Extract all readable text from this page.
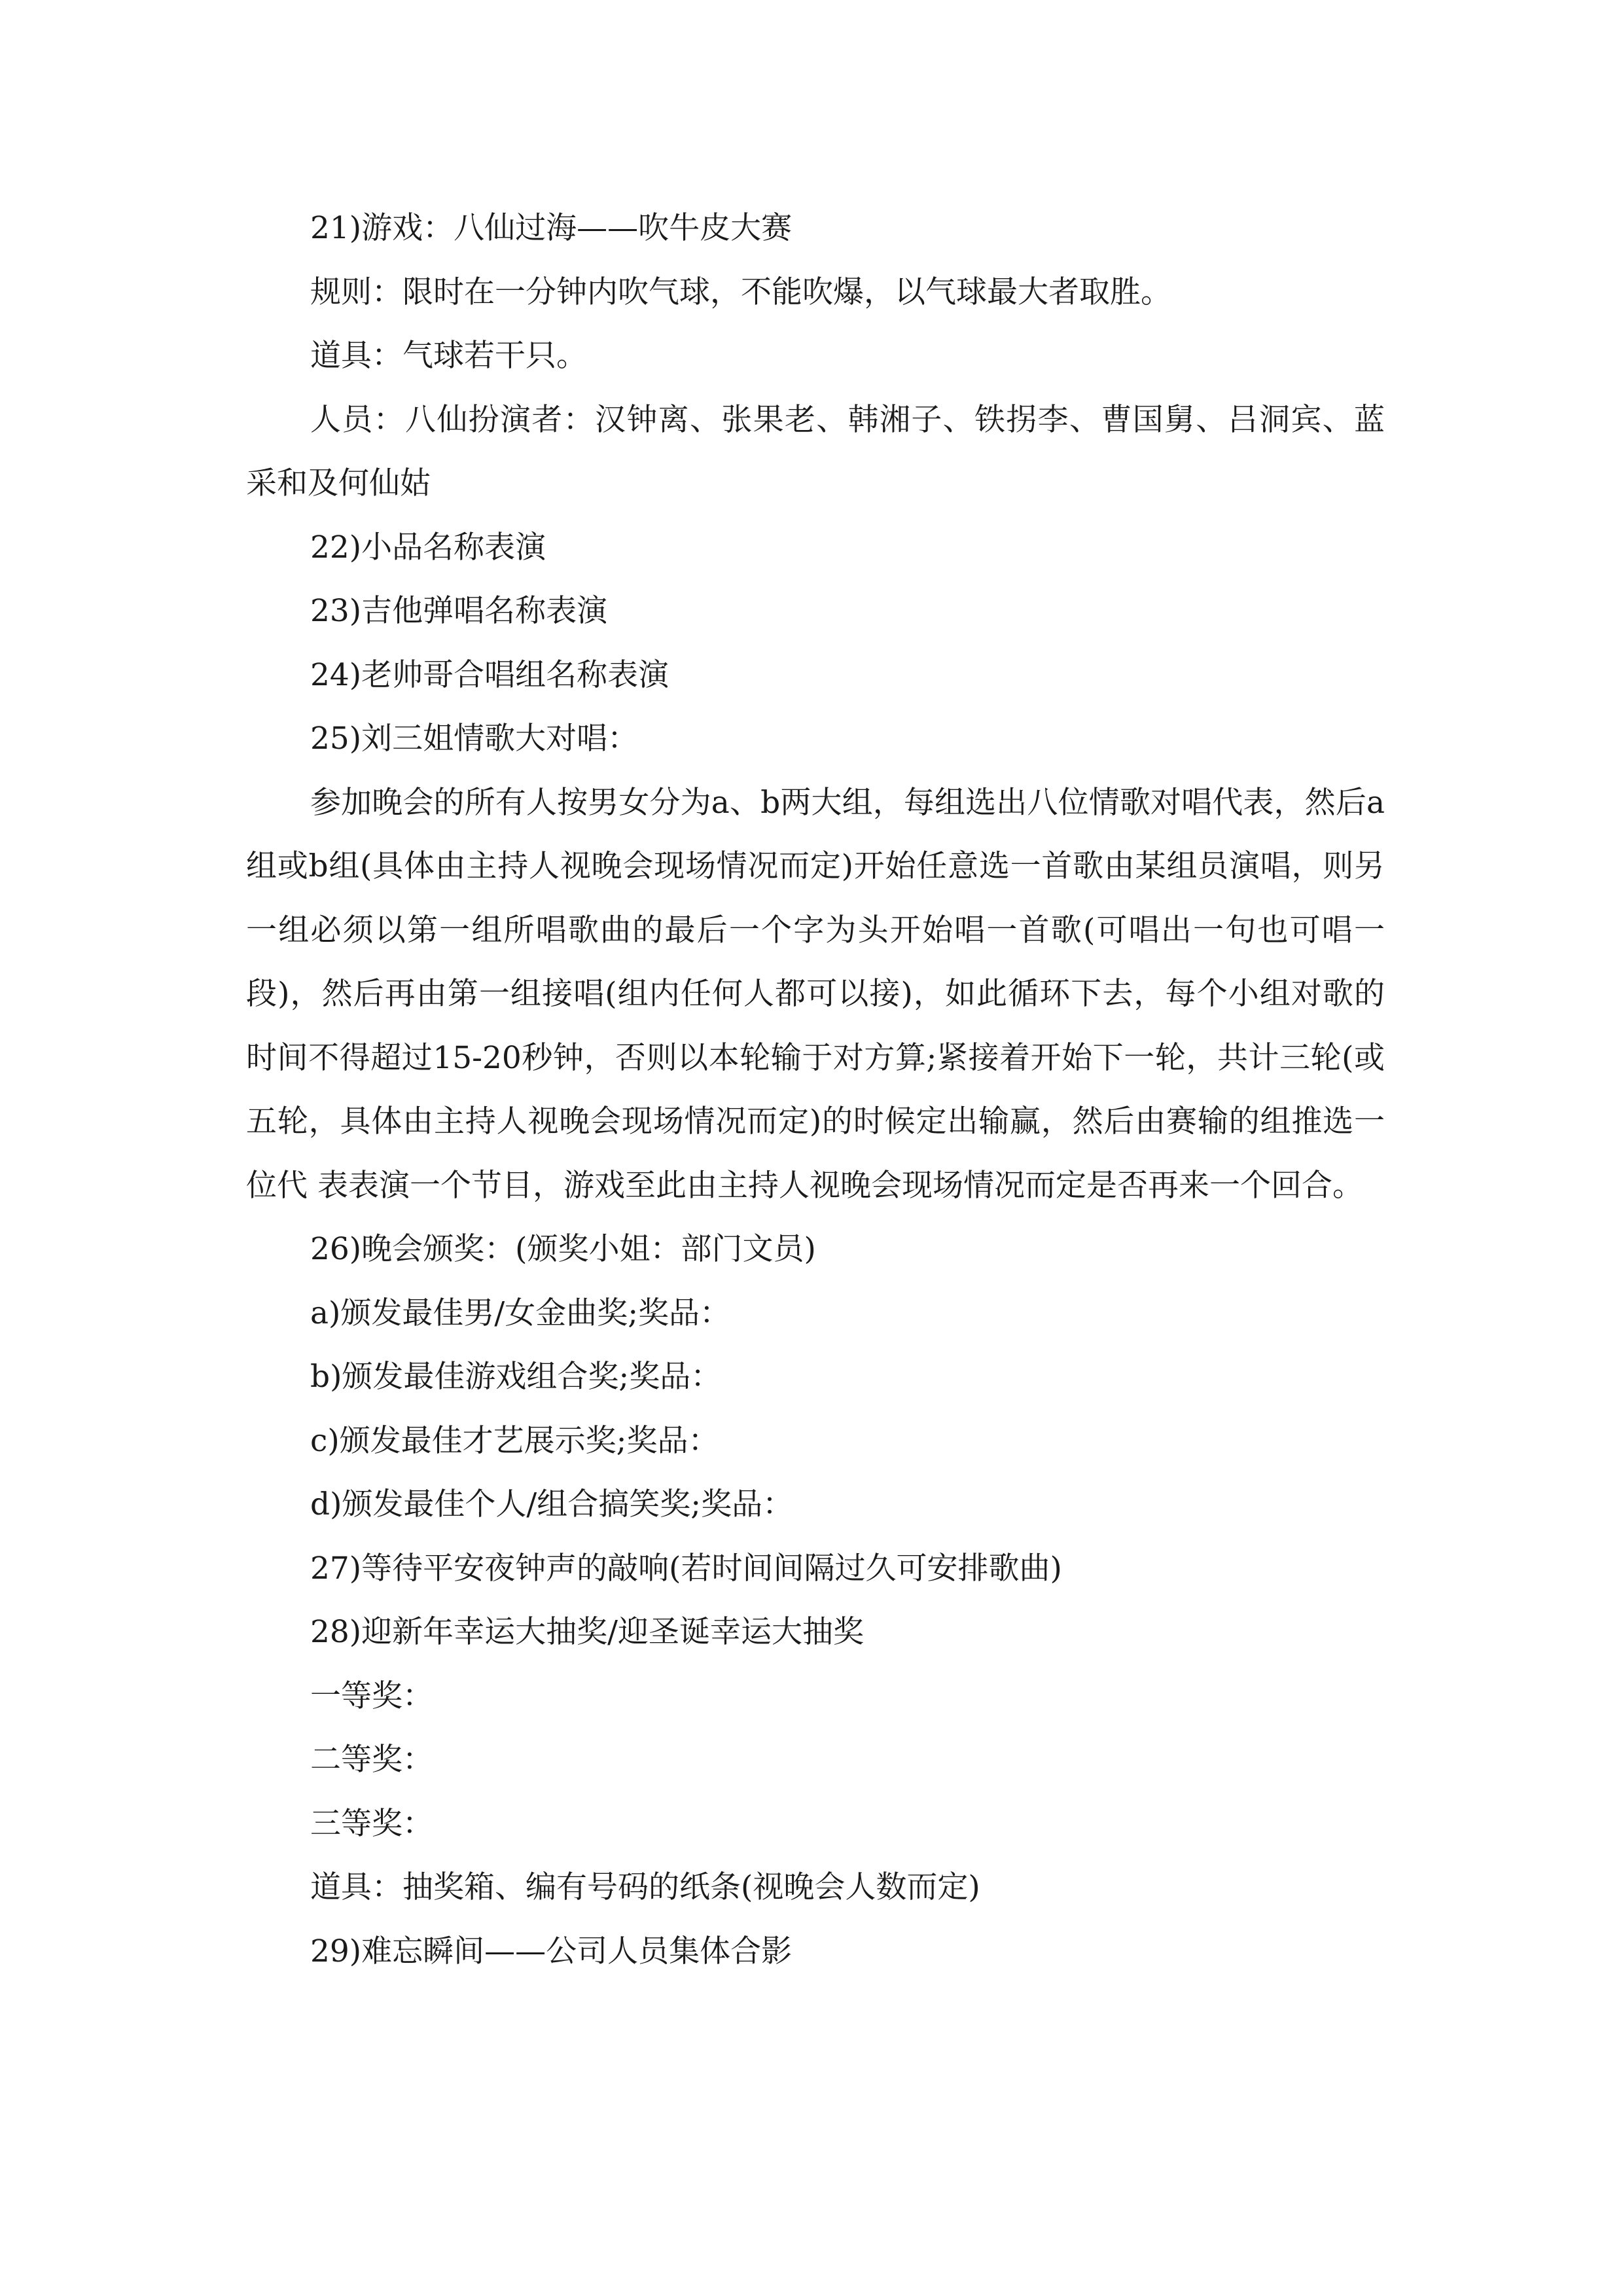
21)游戏：八仙过海——吹牛皮大赛
规则：限时在一分钟内吹气球，不能吹爆，以气球最大者取胜。
道具：气球若干只。
人员：八仙扮演者：汉钟离、张果老、韩湘子、铁拐李、曹国舅、吕洞宾、蓝采和及何仙姑
22)小品名称表演
23)吉他弹唱名称表演
24)老帅哥合唱组名称表演
25)刘三姐情歌大对唱：
参加晚会的所有人按男女分为a、b两大组，每组选出八位情歌对唱代表，然后a组或b组(具体由主持人视晚会现场情况而定)开始任意选一首歌由某组员演唱，则另一组必须以第一组所唱歌曲的最后一个字为头开始唱一首歌(可唱出一句也可唱一段)，然后再由第一组接唱(组内任何人都可以接)，如此循环下去，每个小组对歌的时间不得超过15-20秒钟，否则以本轮输于对方算;紧接着开始下一轮，共计三轮(或五轮，具体由主持人视晚会现场情况而定)的时候定出输赢，然后由赛输的组推选一位代 表表演一个节目，游戏至此由主持人视晚会现场情况而定是否再来一个回合。
26)晚会颁奖：(颁奖小姐：部门文员)
a)颁发最佳男/女金曲奖;奖品：
b)颁发最佳游戏组合奖;奖品：
c)颁发最佳才艺展示奖;奖品：
d)颁发最佳个人/组合搞笑奖;奖品：
27)等待平安夜钟声的敲响(若时间间隔过久可安排歌曲)
28)迎新年幸运大抽奖/迎圣诞幸运大抽奖
一等奖：
二等奖：
三等奖：
道具：抽奖箱、编有号码的纸条(视晚会人数而定)
29)难忘瞬间——公司人员集体合影
